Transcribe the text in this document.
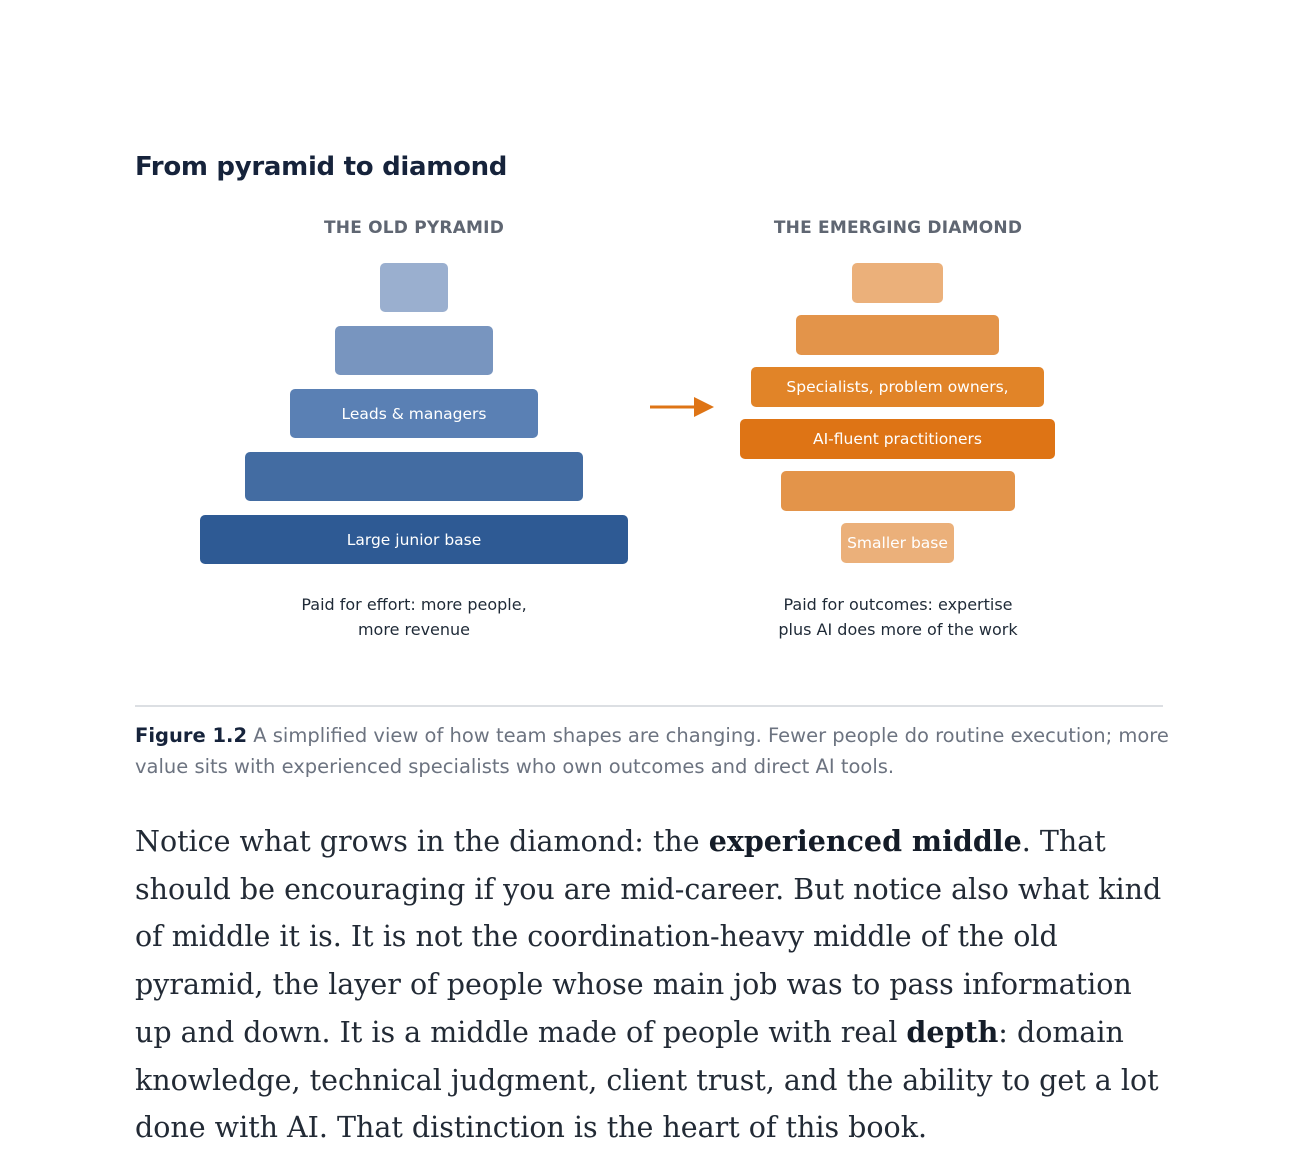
From pyramid to diamond
THE OLD PYRAMID
Leads & managers
Large junior base
Paid for effort: more people,
more revenue
THE EMERGING DIAMOND
Specialists, problem owners,
AI-fluent practitioners
Smaller base
Paid for outcomes: expertise
plus AI does more of the work

Figure 1.2 A simplified view of how team shapes are changing. Fewer people do routine execution; more value sits with experienced specialists who own outcomes and direct AI tools.

Notice what grows in the diamond: the experienced middle. That should be encouraging if you are mid-career. But notice also what kind of middle it is. It is not the coordination-heavy middle of the old pyramid, the layer of people whose main job was to pass information up and down. It is a middle made of people with real depth: domain knowledge, technical judgment, client trust, and the ability to get a lot done with AI. That distinction is the heart of this book.
